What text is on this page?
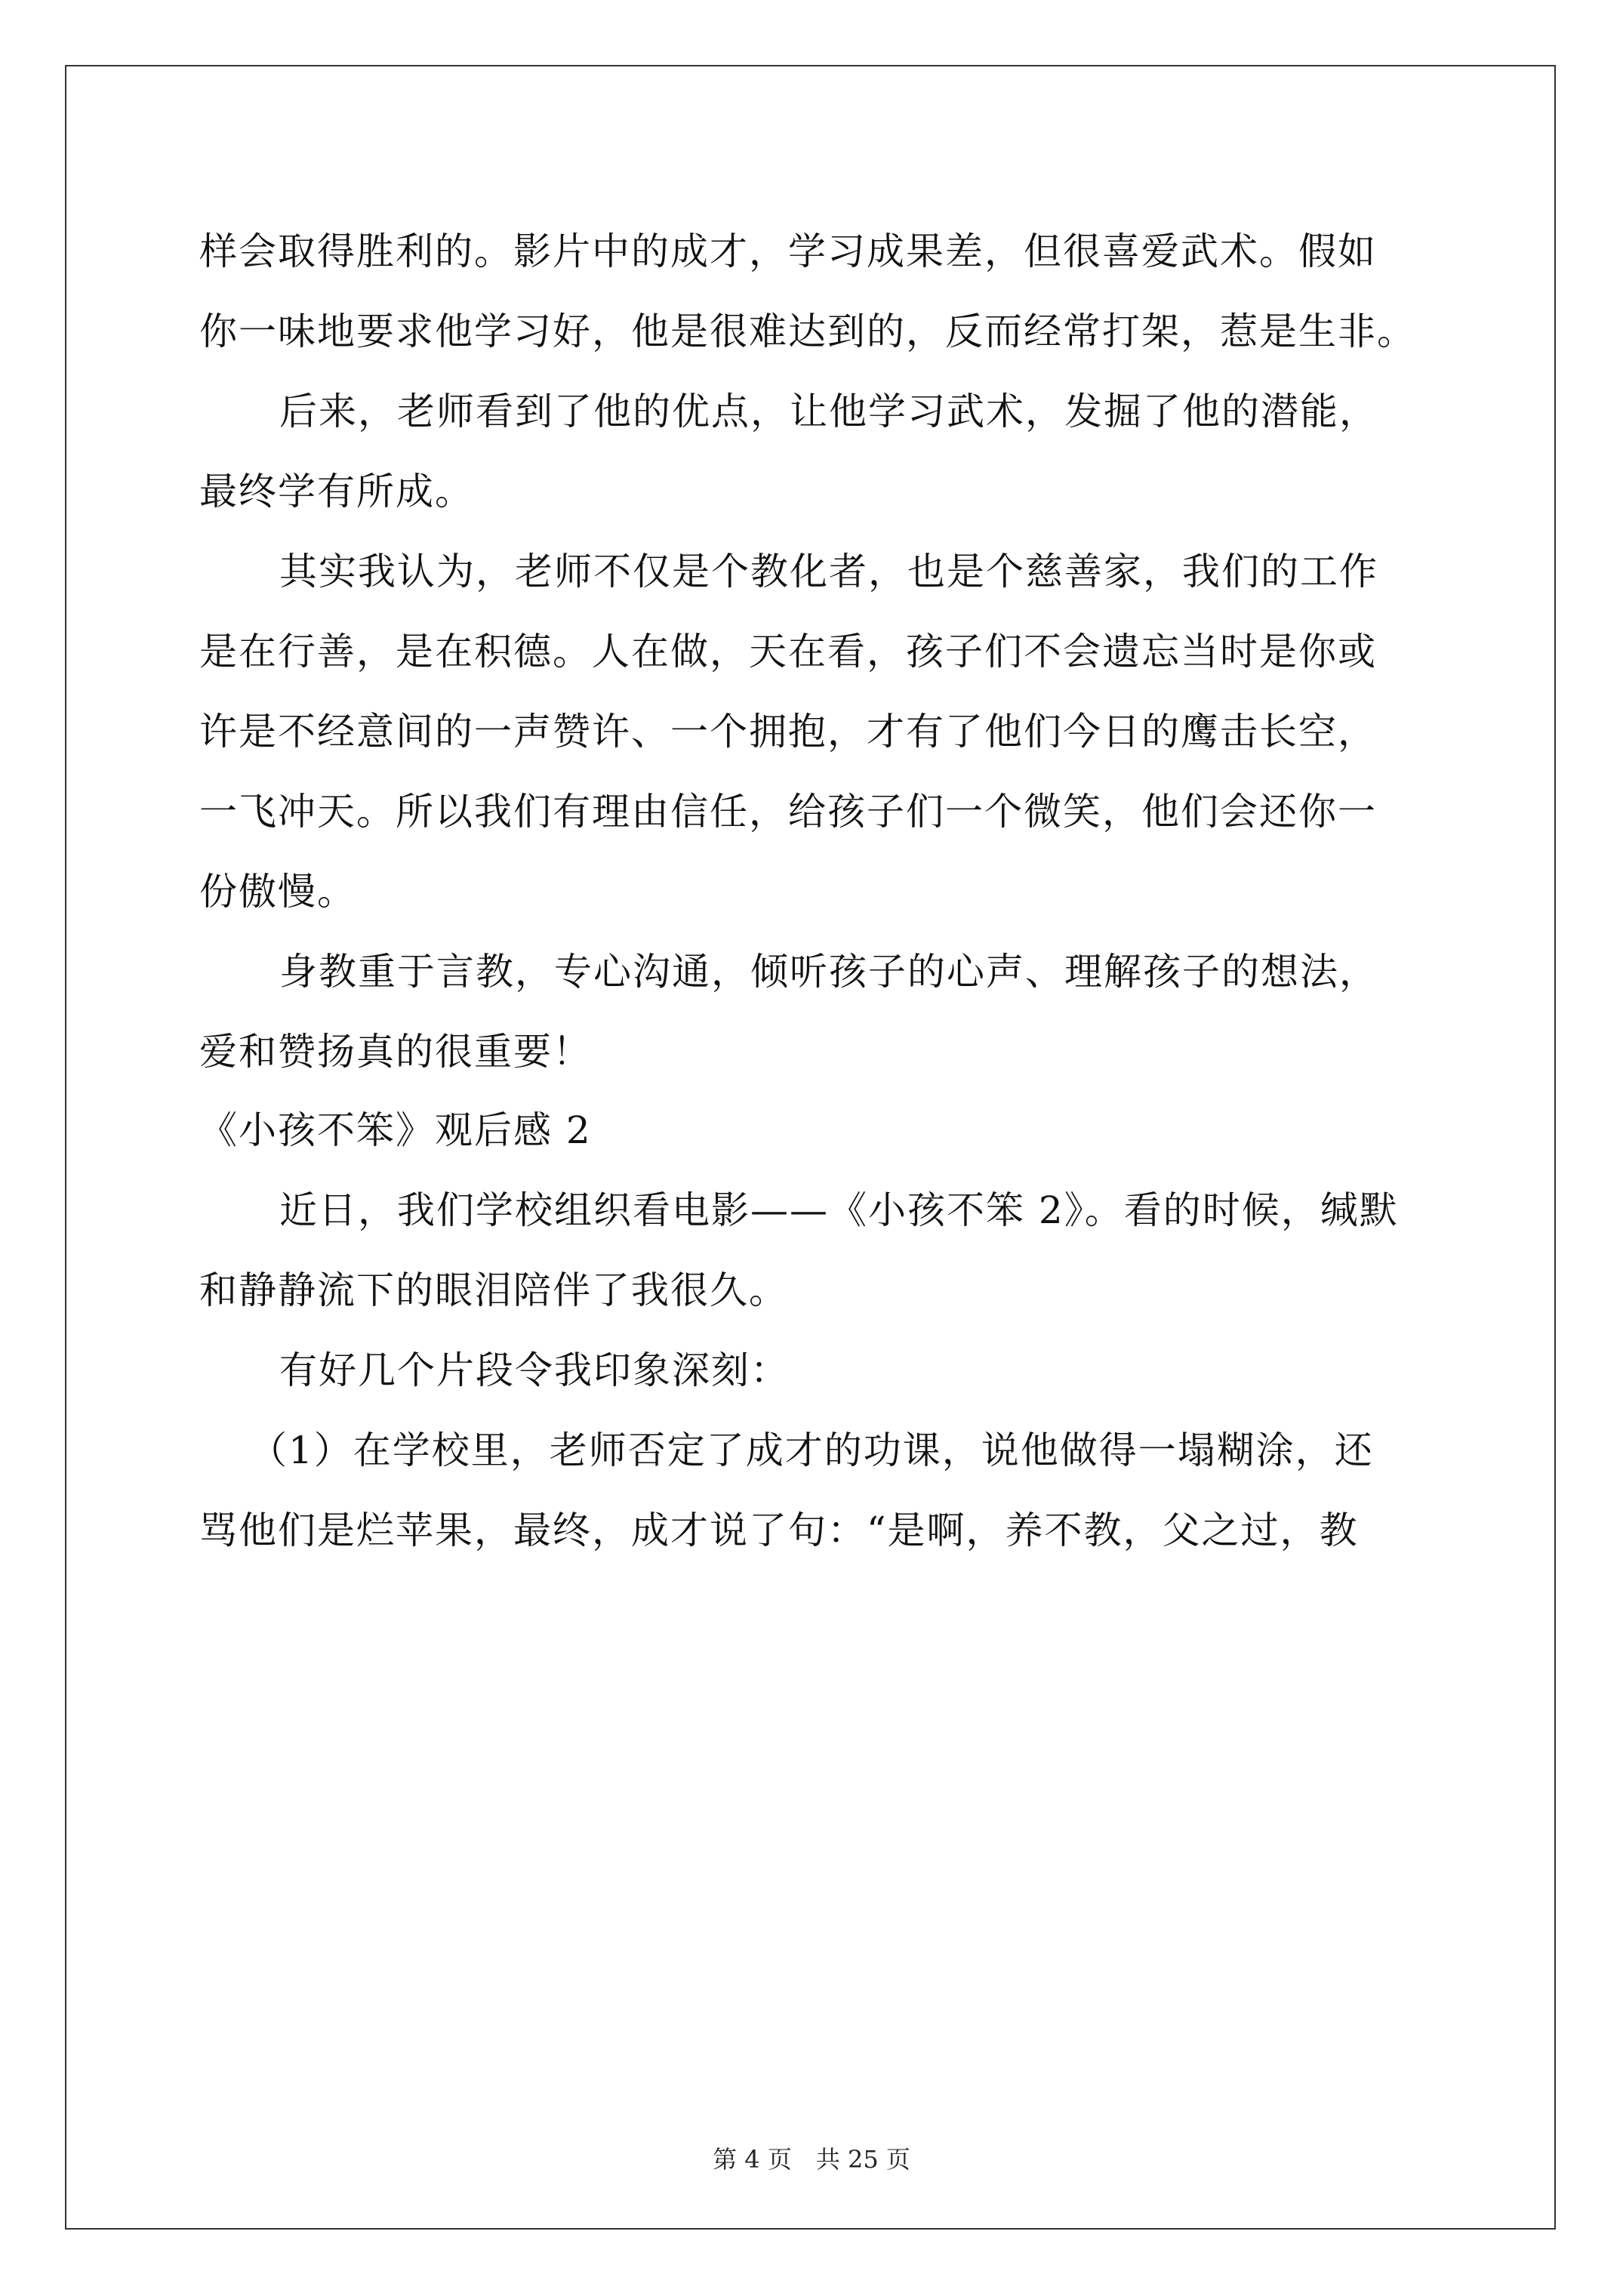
样会取得胜利的。影片中的成才，学习成果差，但很喜爱武术。假如
你一味地要求他学习好，他是很难达到的，反而经常打架，惹是生非。
后来，老师看到了他的优点，让他学习武术，发掘了他的潜能，
最终学有所成。
其实我认为，老师不仅是个教化者，也是个慈善家，我们的工作
是在行善，是在积德。人在做，天在看，孩子们不会遗忘当时是你或
许是不经意间的一声赞许、一个拥抱，才有了他们今日的鹰击长空，
一飞冲天。所以我们有理由信任，给孩子们一个微笑，他们会还你一
份傲慢。
身教重于言教，专心沟通，倾听孩子的心声、理解孩子的想法，
爱和赞扬真的很重要！
《小孩不笨》观后感 2
近日，我们学校组织看电影——《小孩不笨 2》。看的时候，缄默
和静静流下的眼泪陪伴了我很久。
有好几个片段令我印象深刻：
（1）在学校里，老师否定了成才的功课，说他做得一塌糊涂，还
骂他们是烂苹果，最终，成才说了句：“是啊，养不教，父之过，教
第 4 页　共 25 页
